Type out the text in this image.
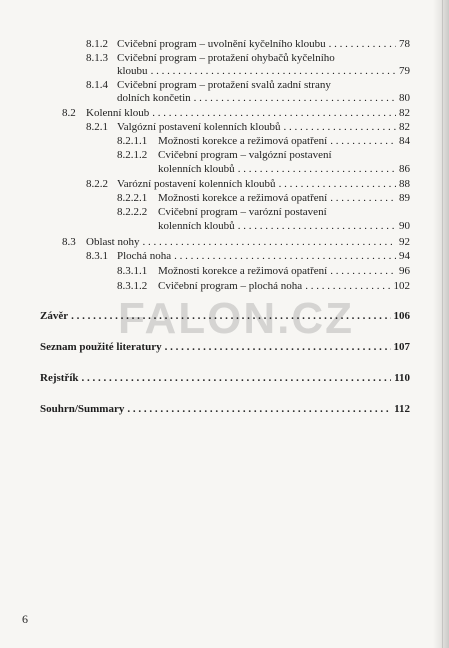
8.1.2 Cvičební program – uvolnění kyčelního kloubu . . .	78
8.1.3 Cvičební program – protažení ohybačů kyčelního
kloubu . . .	79
8.1.4 Cvičební program – protažení svalů zadní strany
dolních končetin . . .	80
8.2 Kolenní kloub . . .	82
8.2.1 Valgózní postavení kolenních kloubů . . .	82
8.2.1.1 Možnosti korekce a režimová opatření . . .	84
8.2.1.2 Cvičební program – valgózní postavení
kolenních kloubů . . .	86
8.2.2 Varózní postavení kolenních kloubů . . .	88
8.2.2.1 Možnosti korekce a režimová opatření . . .	89
8.2.2.2 Cvičební program – varózní postavení
kolenních kloubů . . .	90
8.3 Oblast nohy . . .	92
8.3.1 Plochá noha . . .	94
8.3.1.1 Možnosti korekce a režimová opatření . . .	96
8.3.1.2 Cvičební program – plochá noha . . .	102
FALON.CZ
Závěr . . .	106
Seznam použité literatury . . .	107
Rejstřík . . .	110
Souhrn/Summary . . .	112
6
